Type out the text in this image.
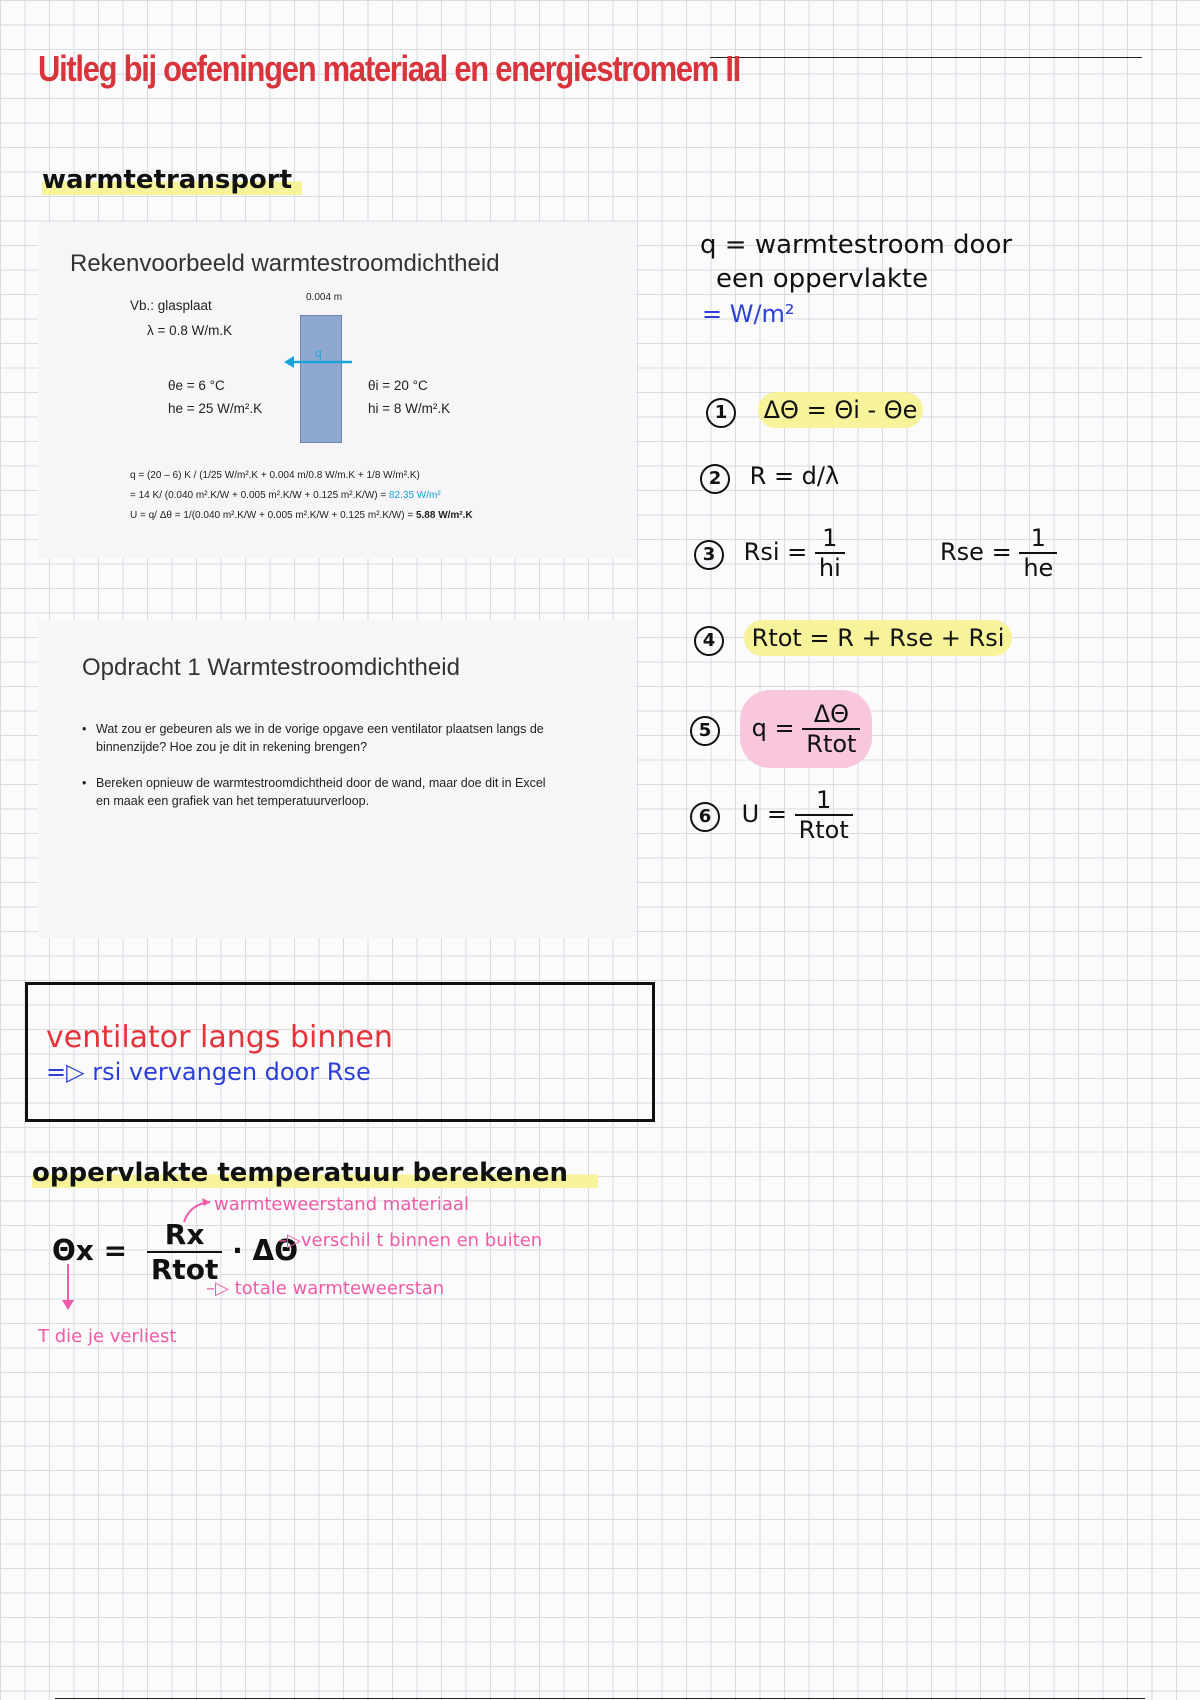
Uitleg bij oefeningen materiaal en energiestromem II
warmtetransport
Rekenvoorbeeld warmtestroomdichtheid
0.004 m
Vb.: glasplaat
λ = 0.8 W/m.K
q
θe = 6 °C
he = 25 W/m².K
θi = 20 °C
hi = 8 W/m².K
q = (20 – 6) K / (1/25 W/m².K + 0.004 m/0.8 W/m.K + 1/8 W/m².K)
= 14 K/ (0.040 m².K/W + 0.005 m².K/W + 0.125 m².K/W) = 82.35 W/m²
U = q/ Δθ = 1/(0.040 m².K/W + 0.005 m².K/W + 0.125 m².K/W) = 5.88 W/m².K
Opdracht 1 Warmtestroomdichtheid
• Wat zou er gebeuren als we in de vorige opgave een ventilator plaatsen langs de binnenzijde? Hoe zou je dit in rekening brengen?
• Bereken opnieuw de warmtestroomdichtheid door de wand, maar doe dit in Excel en maak een grafiek van het temperatuurverloop.
q = warmtestroom door
een oppervlakte
= W/m²
1 ΔΘ = Θi - Θe
2 R = d/λ
3 Rsi = $\frac{1}{hi}$	Rse = $\frac{1}{he}$
4 Rtot = R + Rse + Rsi
5 $q = \frac{\Delta\Theta}{\text{Rtot}}$
6 $U = \frac{1}{\text{Rtot}}$
ventilator langs binnen
=▷ rsi vervangen door Rse
oppervlakte temperatuur berekenen
warmteweerstand materiaal
$\Theta x = \frac{Rx}{\text{Rtot}} \cdot \Delta\Theta$
–▷verschil t binnen en buiten
–▷ totale warmteweerstan
T die je verliest
